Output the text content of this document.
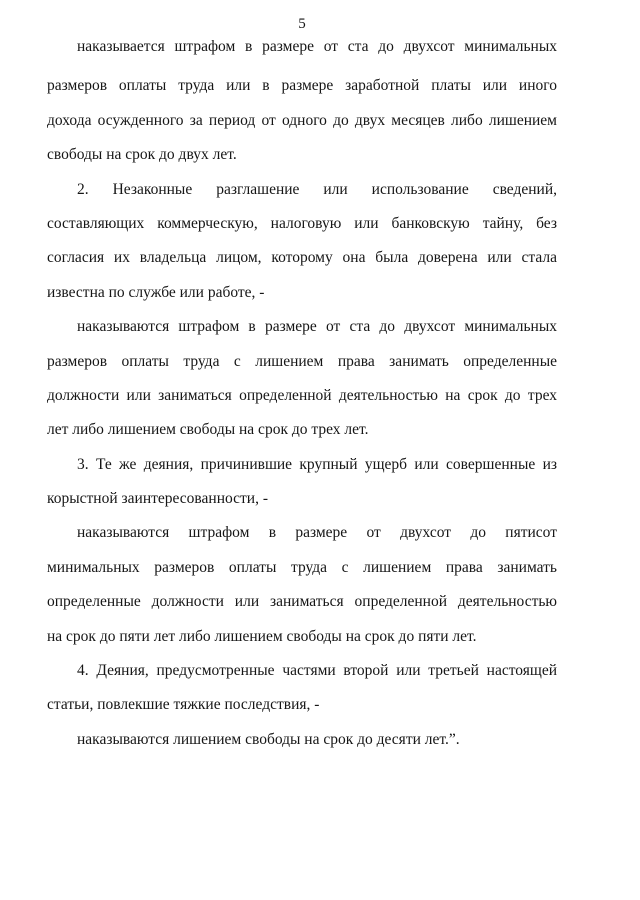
5
наказывается штрафом в размере от ста до двухсот минимальных
размеров оплаты труда или в размере заработной платы или иного
дохода осужденного за период от одного до двух месяцев либо лишением
свободы на срок до двух лет.
2. Незаконные разглашение или использование сведений,
составляющих коммерческую, налоговую или банковскую тайну, без
согласия их владельца лицом, которому она была доверена или стала
известна по службе или работе, -
наказываются штрафом в размере от ста до двухсот минимальных
размеров оплаты труда с лишением права занимать определенные
должности или заниматься определенной деятельностью на срок до трех
лет либо лишением свободы на срок до трех лет.
3. Те же деяния, причинившие крупный ущерб или совершенные из
корыстной заинтересованности, -
наказываются штрафом в размере от двухсот до пятисот
минимальных размеров оплаты труда с лишением права занимать
определенные должности или заниматься определенной деятельностью
на срок до пяти лет либо лишением свободы на срок до пяти лет.
4. Деяния, предусмотренные частями второй или третьей настоящей
статьи, повлекшие тяжкие последствия, -
наказываются лишением свободы на срок до десяти лет.”.
